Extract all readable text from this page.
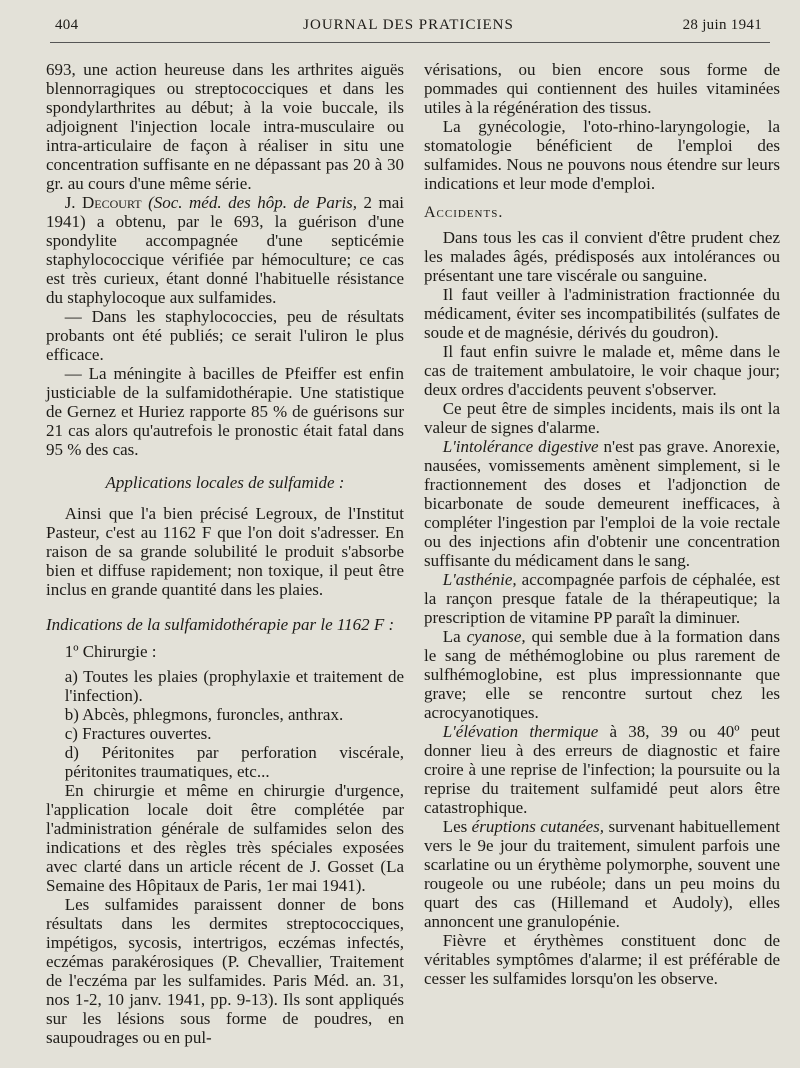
404	JOURNAL DES PRATICIENS	28 juin 1941

693, une action heureuse dans les arthrites aiguës blennorragiques ou streptococciques et dans les spondylarthrites au début; à la voie buccale, ils adjoignent l'injection locale intra-musculaire ou intra-articulaire de façon à réaliser in situ une concentration suffisante en ne dépassant pas 20 à 30 gr. au cours d'une même série.

J. Decourt (Soc. méd. des hôp. de Paris, 2 mai 1941) a obtenu, par le 693, la guérison d'une spondylite accompagnée d'une septicémie staphylococcique vérifiée par hémoculture; ce cas est très curieux, étant donné l'habituelle résistance du staphylocoque aux sulfamides.

— Dans les staphylococcies, peu de résultats probants ont été publiés; ce serait l'uliron le plus efficace.

— La méningite à bacilles de Pfeiffer est enfin justiciable de la sulfamidothérapie. Une statistique de Gernez et Huriez rapporte 85 % de guérisons sur 21 cas alors qu'autrefois le pronostic était fatal dans 95 % des cas.

Applications locales de sulfamide :

Ainsi que l'a bien précisé Legroux, de l'Institut Pasteur, c'est au 1162 F que l'on doit s'adresser. En raison de sa grande solubilité le produit s'absorbe bien et diffuse rapidement; non toxique, il peut être inclus en grande quantité dans les plaies.

Indications de la sulfamidothérapie par le 1162 F :

1º Chirurgie :

a) Toutes les plaies (prophylaxie et traitement de l'infection).

b) Abcès, phlegmons, furoncles, anthrax.

c) Fractures ouvertes.

d) Péritonites par perforation viscérale, péritonites traumatiques, etc...

En chirurgie et même en chirurgie d'urgence, l'application locale doit être complétée par l'administration générale de sulfamides selon des indications et des règles très spéciales exposées avec clarté dans un article récent de J. Gosset (La Semaine des Hôpitaux de Paris, 1er mai 1941).

Les sulfamides paraissent donner de bons résultats dans les dermites streptococciques, impétigos, sycosis, intertrigos, eczémas infectés, eczémas parakérosiques (P. Chevallier, Traitement de l'eczéma par les sulfamides. Paris Méd. an. 31, nos 1-2, 10 janv. 1941, pp. 9-13). Ils sont appliqués sur les lésions sous forme de poudres, en saupoudrages ou en pul-

vérisations, ou bien encore sous forme de pommades qui contiennent des huiles vitaminées utiles à la régénération des tissus.

La gynécologie, l'oto-rhino-laryngologie, la stomatologie bénéficient de l'emploi des sulfamides. Nous ne pouvons nous étendre sur leurs indications et leur mode d'emploi.

Accidents.

Dans tous les cas il convient d'être prudent chez les malades âgés, prédisposés aux intolérances ou présentant une tare viscérale ou sanguine.

Il faut veiller à l'administration fractionnée du médicament, éviter ses incompatibilités (sulfates de soude et de magnésie, dérivés du goudron).

Il faut enfin suivre le malade et, même dans le cas de traitement ambulatoire, le voir chaque jour; deux ordres d'accidents peuvent s'observer.

Ce peut être de simples incidents, mais ils ont la valeur de signes d'alarme.

L'intolérance digestive n'est pas grave. Anorexie, nausées, vomissements amènent simplement, si le fractionnement des doses et l'adjonction de bicarbonate de soude demeurent inefficaces, à compléter l'ingestion par l'emploi de la voie rectale ou des injections afin d'obtenir une concentration suffisante du médicament dans le sang.

L'asthénie, accompagnée parfois de céphalée, est la rançon presque fatale de la thérapeutique; la prescription de vitamine PP paraît la diminuer.

La cyanose, qui semble due à la formation dans le sang de méthémoglobine ou plus rarement de sulfhémoglobine, est plus impressionnante que grave; elle se rencontre surtout chez les acrocyanotiques.

L'élévation thermique à 38, 39 ou 40º peut donner lieu à des erreurs de diagnostic et faire croire à une reprise de l'infection; la poursuite ou la reprise du traitement sulfamidé peut alors être catastrophique.

Les éruptions cutanées, survenant habituellement vers le 9e jour du traitement, simulent parfois une scarlatine ou un érythème polymorphe, souvent une rougeole ou une rubéole; dans un peu moins du quart des cas (Hillemand et Audoly), elles annoncent une granulopénie.

Fièvre et érythèmes constituent donc de véritables symptômes d'alarme; il est préférable de cesser les sulfamides lorsqu'on les observe.
